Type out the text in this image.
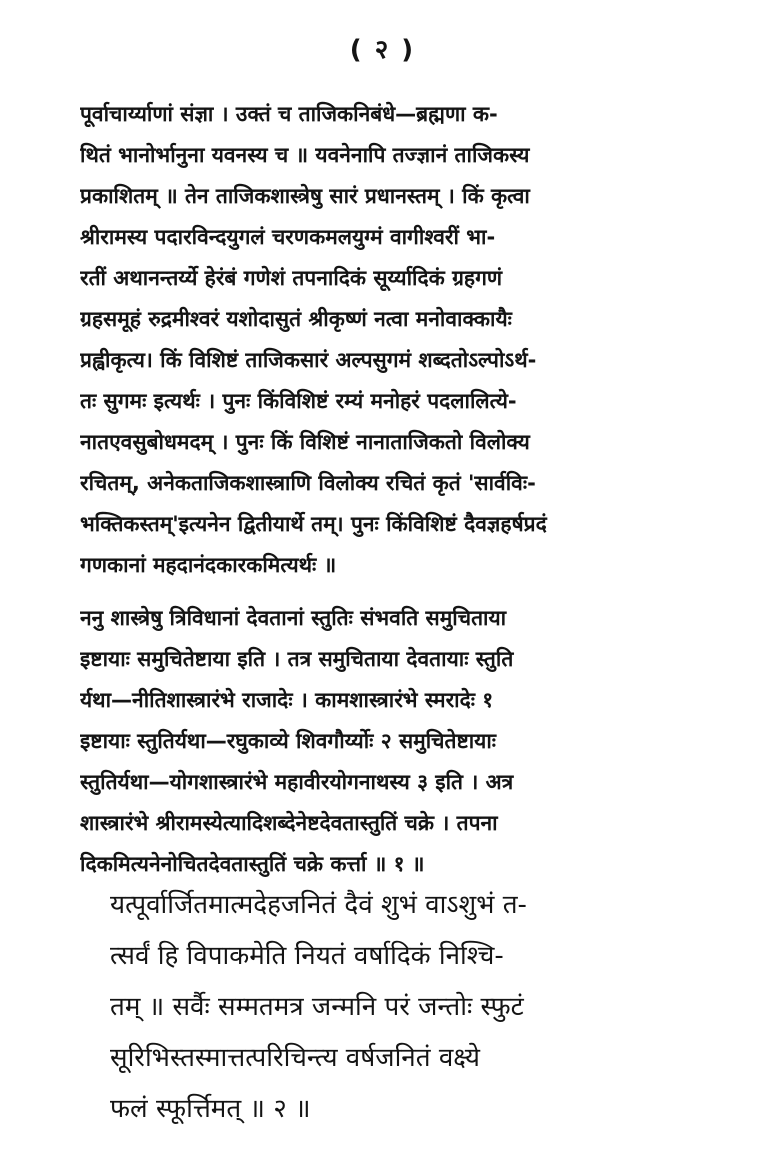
( २ )
पूर्वाचार्य्याणां संज्ञा । उक्तं च ताजिकनिबंधे—ब्रह्मणा क-
थितं भानोर्भानुना यवनस्य च ॥ यवनेनापि तज्ज्ञानं ताजिकस्य
प्रकाशितम् ॥ तेन ताजिकशास्त्रेषु सारं प्रधानस्तम् । किं कृत्वा
श्रीरामस्य पदारविन्दयुगलं चरणकमलयुग्मं वागीश्वरीं भा-
रतीं अथानन्तर्य्ये हेरंबं गणेशं तपनादिकं सूर्य्यादिकं ग्रहगणं
ग्रहसमूहं रुद्रमीश्वरं यशोदासुतं श्रीकृष्णं नत्वा मनोवाक्कायैः
प्रह्वीकृत्य। किं विशिष्टं ताजिकसारं अल्पसुगमं शब्दतोऽल्पोऽर्थ-
तः सुगमः इत्यर्थः । पुनः किंविशिष्टं रम्यं मनोहरं पदलालित्ये-
नातएवसुबोधमदम् । पुनः किं विशिष्टं नानाताजिकतो विलोक्य
रचितम्, अनेकताजिकशास्त्राणि विलोक्य रचितं कृतं 'सार्वविः-
भक्तिकस्तम्'इत्यनेन द्वितीयार्थे तम्। पुनः किंविशिष्टं दैवज्ञहर्षप्रदं
गणकानां महदानंदकारकमित्यर्थः ॥
ननु शास्त्रेषु त्रिविधानां देवतानां स्तुतिः संभवति समुचिताया
इष्टायाः समुचितेष्टाया इति । तत्र समुचिताया देवतायाः स्तुति
र्यथा—नीतिशास्त्रारंभे राजादेः । कामशास्त्रारंभे स्मरादेः १
इष्टायाः स्तुतिर्यथा—रघुकाव्ये शिवगौर्य्योः २ समुचितेष्टायाः
स्तुतिर्यथा—योगशास्त्रारंभे महावीरयोगनाथस्य ३ इति । अत्र
शास्त्रारंभे श्रीरामस्येत्यादिशब्देनेष्टदेवतास्तुतिं चक्रे । तपना
दिकमित्यनेनोचितदेवतास्तुतिं चक्रे कर्त्ता ॥ १ ॥
यत्पूर्वार्जितमात्मदेहजनितं दैवं शुभं वाऽशुभं त-
त्सर्वं हि विपाकमेति नियतं वर्षादिकं निश्चि-
तम् ॥ सर्वैः सम्मतमत्र जन्मनि परं जन्तोः स्फुटं
सूरिभिस्तस्मात्तत्परिचिन्त्य वर्षजनितं वक्ष्ये
फलं स्फूर्त्तिमत् ॥ २ ॥
